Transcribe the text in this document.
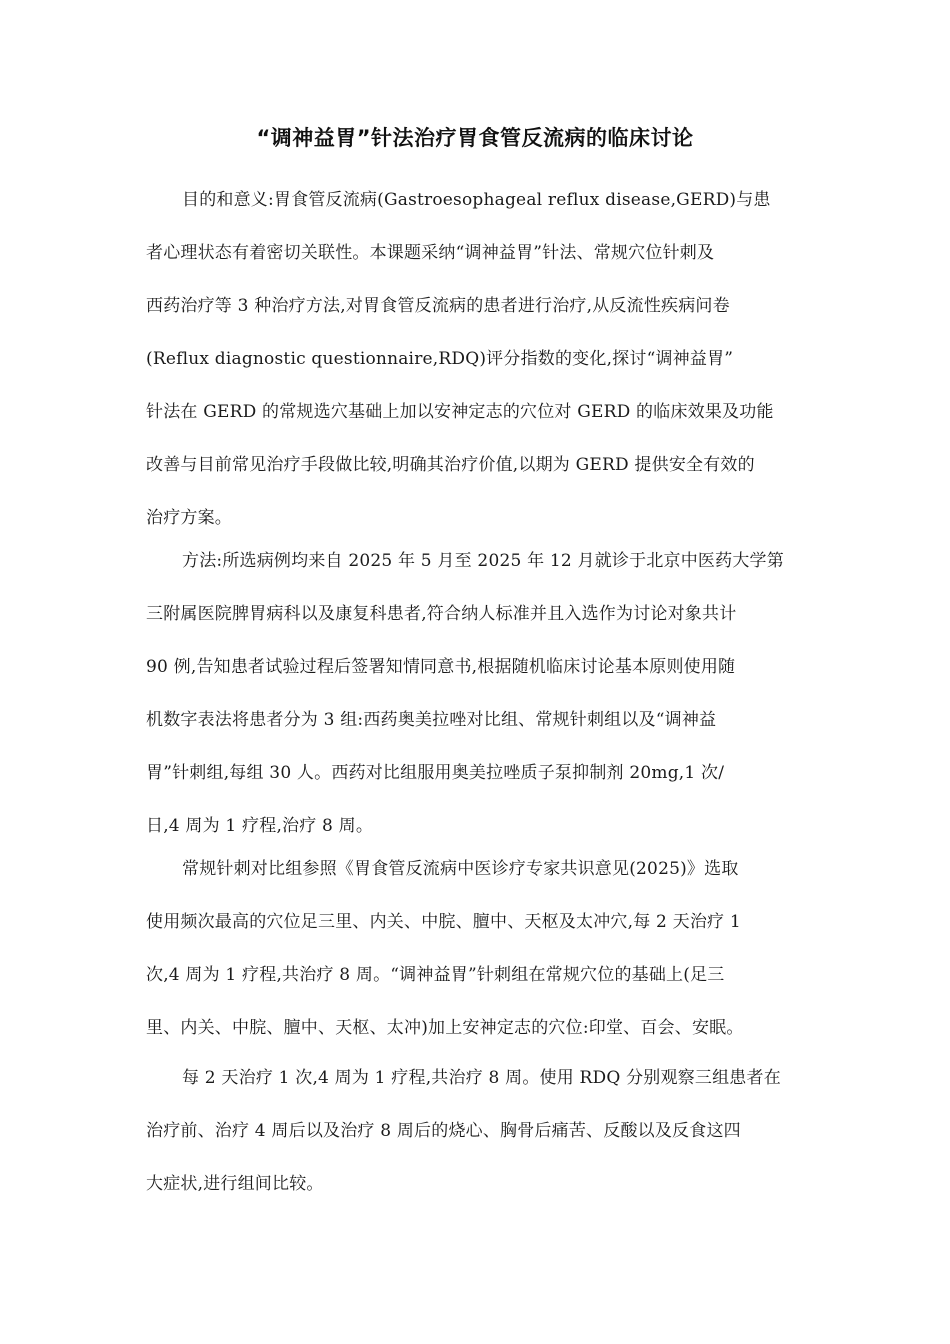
“调神益胃”针法治疗胃食管反流病的临床讨论
目的和意义:胃食管反流病(Gastroesophageal reflux disease,GERD)与患
者心理状态有着密切关联性。本课题采纳“调神益胃”针法、常规穴位针刺及
西药治疗等 3 种治疗方法,对胃食管反流病的患者进行治疗,从反流性疾病问卷
(Reflux diagnostic questionnaire,RDQ)评分指数的变化,探讨“调神益胃”
针法在 GERD 的常规选穴基础上加以安神定志的穴位对 GERD 的临床效果及功能
改善与目前常见治疗手段做比较,明确其治疗价值,以期为 GERD 提供安全有效的
治疗方案。
方法:所选病例均来自 2025 年 5 月至 2025 年 12 月就诊于北京中医药大学第
三附属医院脾胃病科以及康复科患者,符合纳人标准并且入选作为讨论对象共计
90 例,告知患者试验过程后签署知情同意书,根据随机临床讨论基本原则使用随
机数字表法将患者分为 3 组:西药奥美拉唑对比组、常规针刺组以及“调神益
胃”针刺组,每组 30 人。西药对比组服用奥美拉唑质子泵抑制剂 20mg,1 次/
日,4 周为 1 疗程,治疗 8 周。
常规针刺对比组参照《胃食管反流病中医诊疗专家共识意见(2025)》选取
使用频次最高的穴位足三里、内关、中脘、膻中、天枢及太冲穴,每 2 天治疗 1
次,4 周为 1 疗程,共治疗 8 周。“调神益胃”针刺组在常规穴位的基础上(足三
里、内关、中脘、膻中、天枢、太冲)加上安神定志的穴位:印堂、百会、安眠。
每 2 天治疗 1 次,4 周为 1 疗程,共治疗 8 周。使用 RDQ 分别观察三组患者在
治疗前、治疗 4 周后以及治疗 8 周后的烧心、胸骨后痛苦、反酸以及反食这四
大症状,进行组间比较。
